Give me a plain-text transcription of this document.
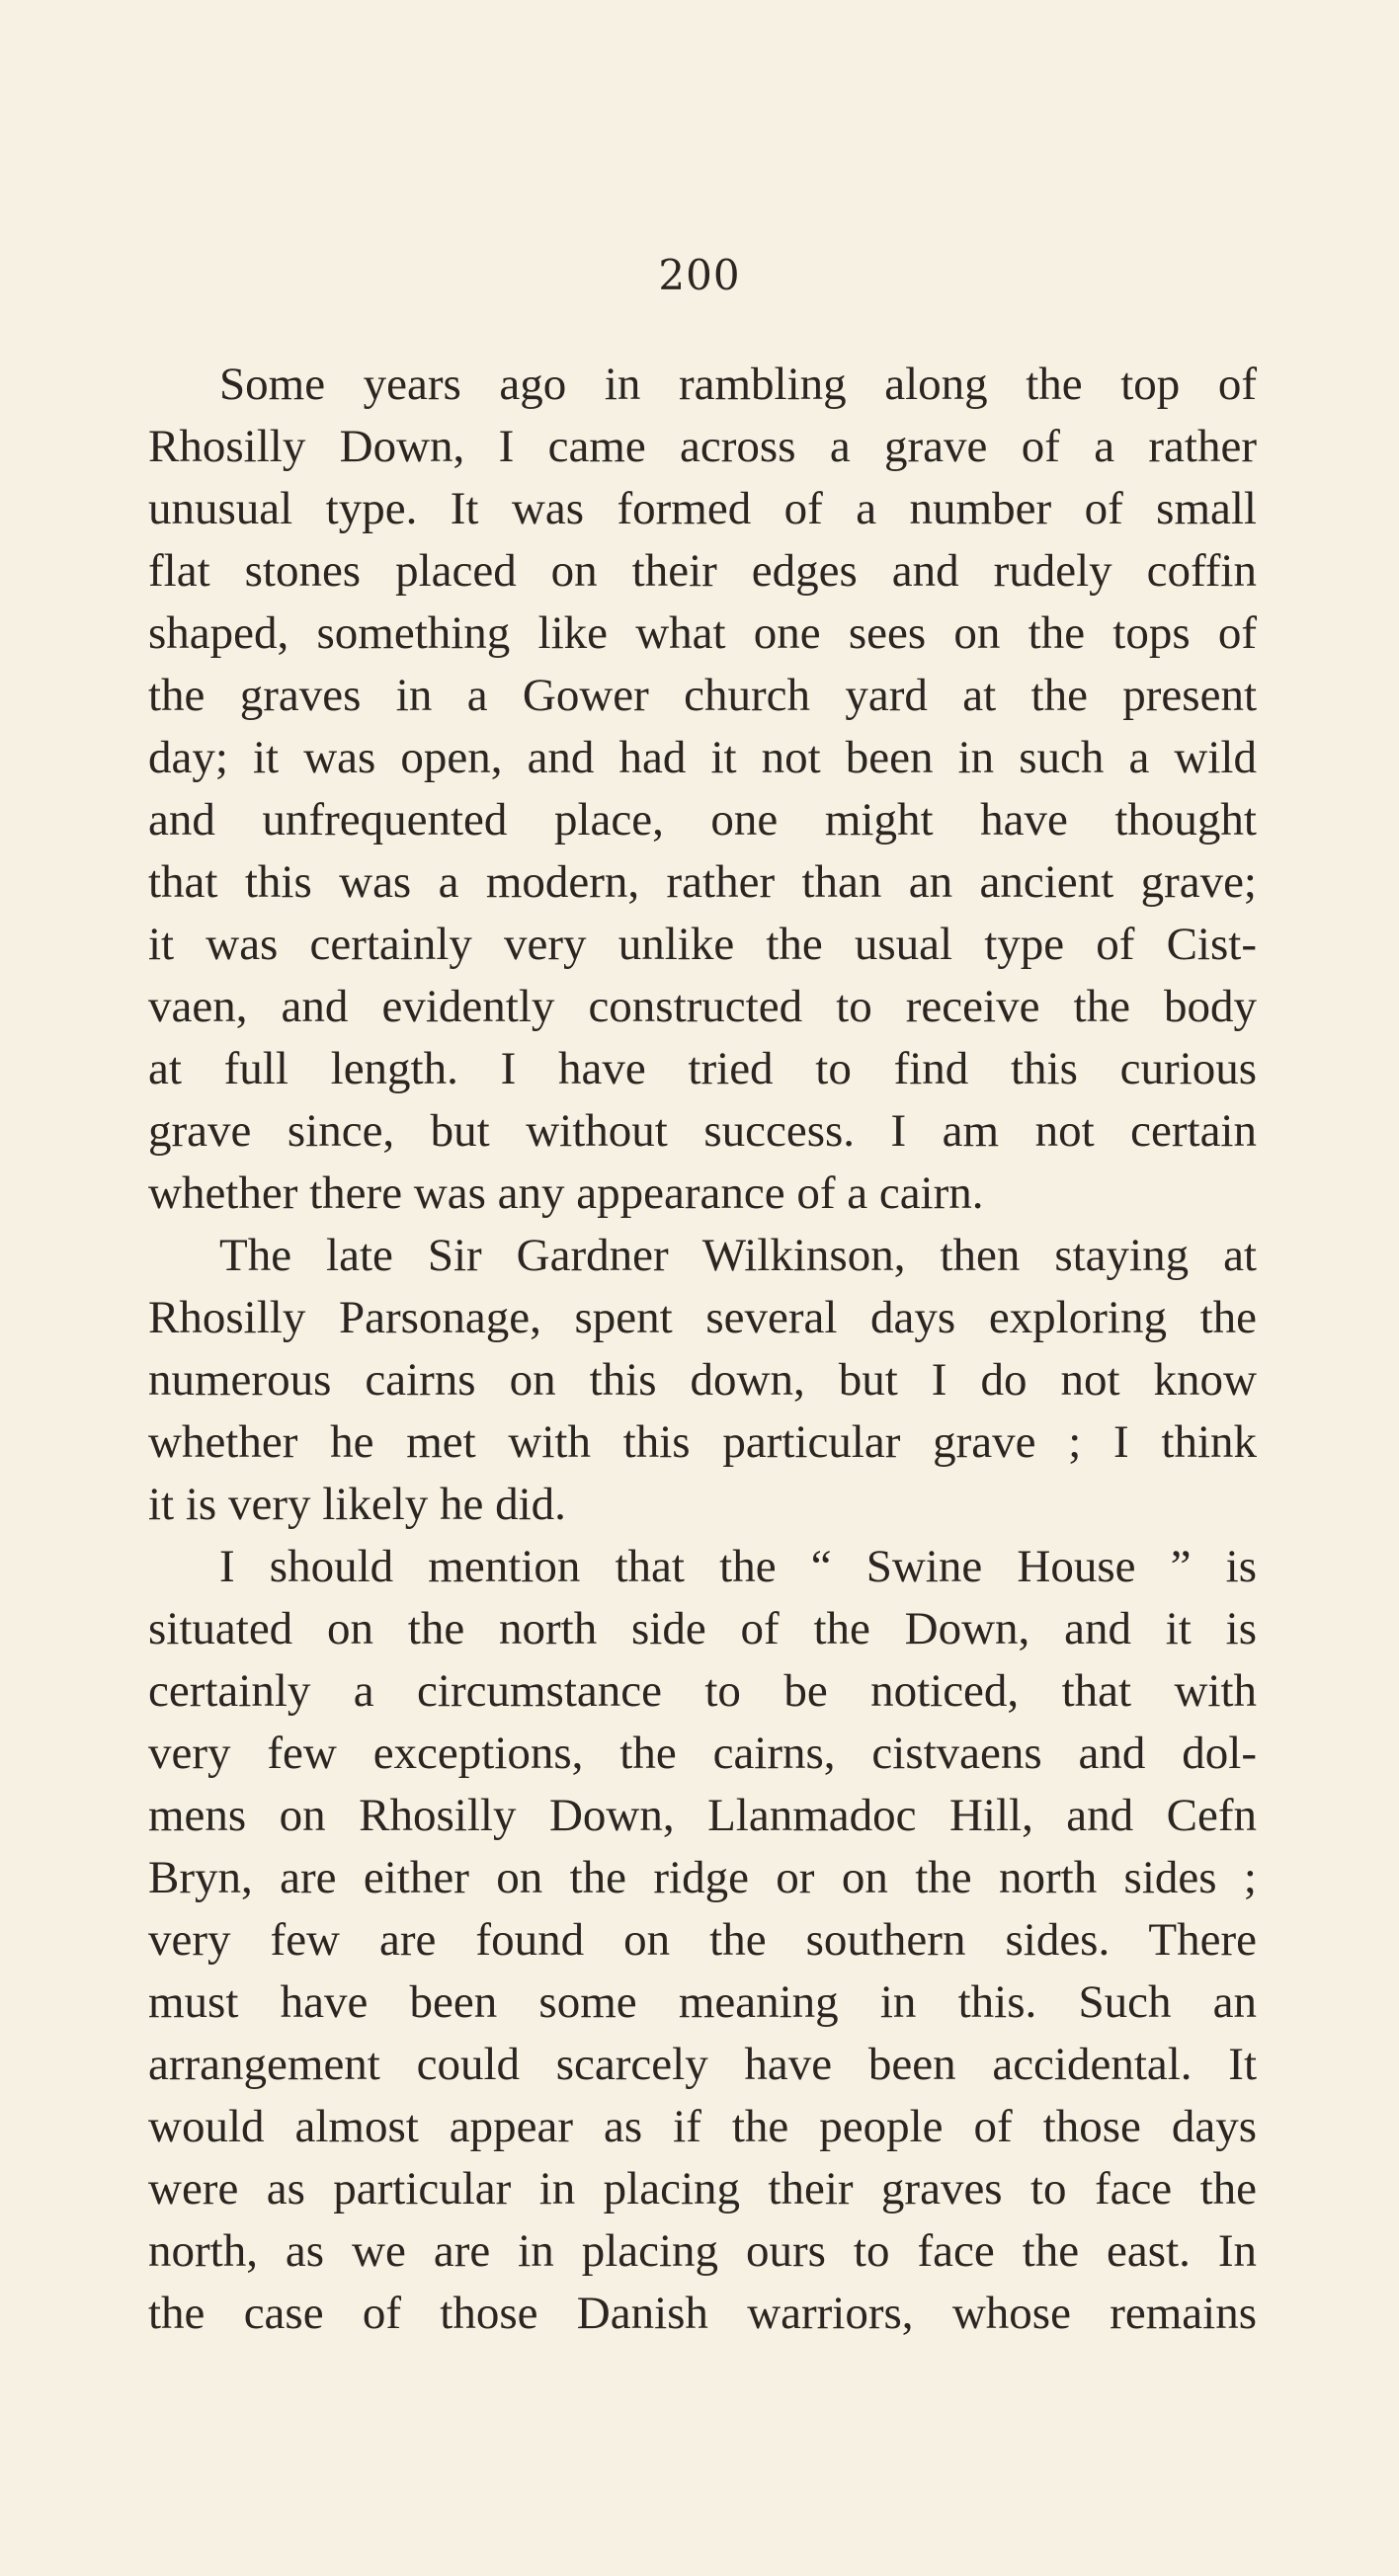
200
Some years ago in rambling along the top of
Rhosilly Down, I came across a grave of a rather
unusual type. It was formed of a number of small
flat stones placed on their edges and rudely coffin
shaped, something like what one sees on the tops of
the graves in a Gower church yard at the present
day; it was open, and had it not been in such a wild
and unfrequented place, one might have thought
that this was a modern, rather than an ancient grave;
it was certainly very unlike the usual type of Cist-
vaen, and evidently constructed to receive the body
at full length. I have tried to find this curious
grave since, but without success. I am not certain
whether there was any appearance of a cairn.
The late Sir Gardner Wilkinson, then staying at
Rhosilly Parsonage, spent several days exploring the
numerous cairns on this down, but I do not know
whether he met with this particular grave ; I think
it is very likely he did.
I should mention that the “ Swine House ” is
situated on the north side of the Down, and it is
certainly a circumstance to be noticed, that with
very few exceptions, the cairns, cistvaens and dol-
mens on Rhosilly Down, Llanmadoc Hill, and Cefn
Bryn, are either on the ridge or on the north sides ;
very few are found on the southern sides. There
must have been some meaning in this. Such an
arrangement could scarcely have been accidental. It
would almost appear as if the people of those days
were as particular in placing their graves to face the
north, as we are in placing ours to face the east. In
the case of those Danish warriors, whose remains
